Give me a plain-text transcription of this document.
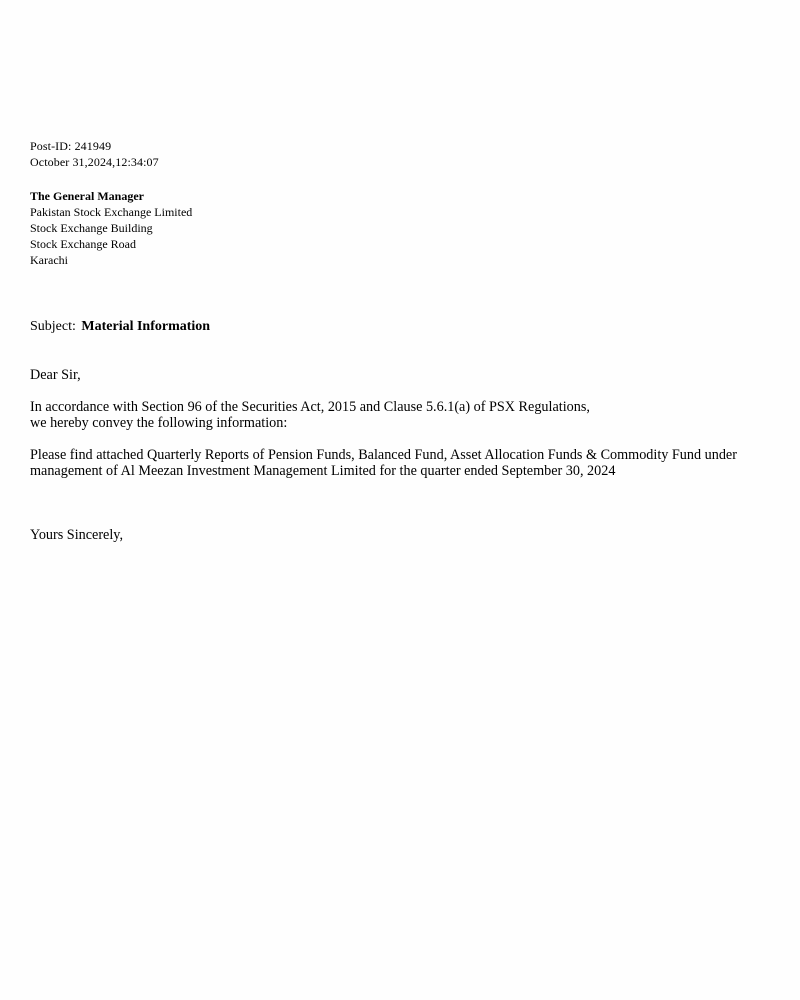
Post-ID: 241949
October 31,2024,12:34:07
The General Manager
Pakistan Stock Exchange Limited
Stock Exchange Building
Stock Exchange Road
Karachi
Subject: Material Information
Dear Sir,
In accordance with Section 96 of the Securities Act, 2015 and Clause 5.6.1(a) of PSX Regulations,
we hereby convey the following information:
Please find attached Quarterly Reports of Pension Funds, Balanced Fund, Asset Allocation Funds & Commodity Fund under
management of Al Meezan Investment Management Limited for the quarter ended September 30, 2024
Yours Sincerely,
